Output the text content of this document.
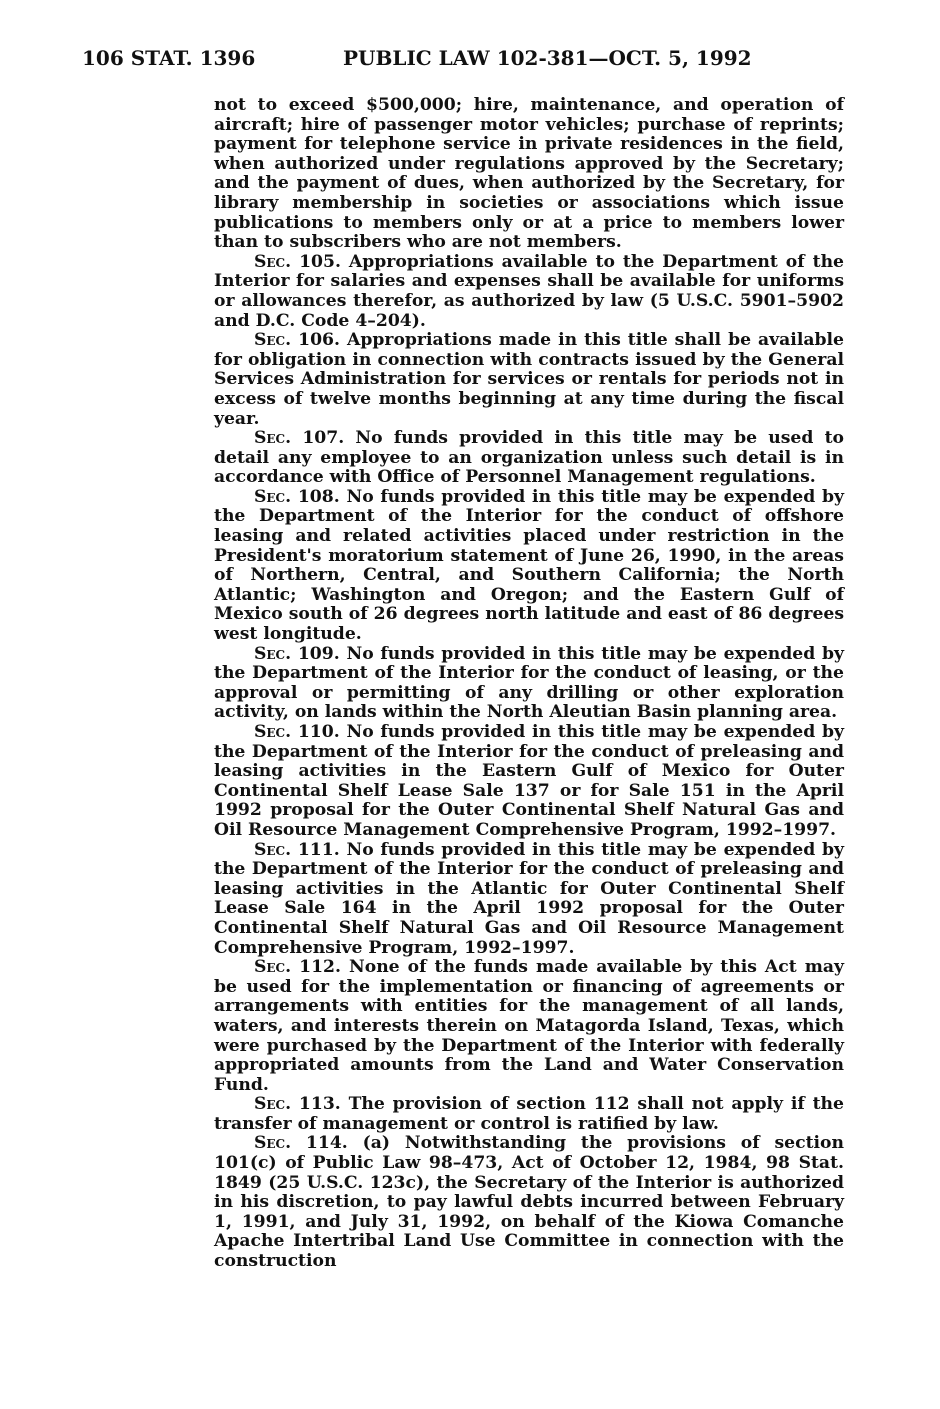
106 STAT. 1396	PUBLIC LAW 102-381—OCT. 5, 1992

not to exceed $500,000; hire, maintenance, and operation of aircraft; hire of passenger motor vehicles; purchase of reprints; payment for telephone service in private residences in the field, when authorized under regulations approved by the Secretary; and the payment of dues, when authorized by the Secretary, for library membership in societies or associations which issue publications to members only or at a price to members lower than to subscribers who are not members.

Sec. 105. Appropriations available to the Department of the Interior for salaries and expenses shall be available for uniforms or allowances therefor, as authorized by law (5 U.S.C. 5901–5902 and D.C. Code 4–204).

Sec. 106. Appropriations made in this title shall be available for obligation in connection with contracts issued by the General Services Administration for services or rentals for periods not in excess of twelve months beginning at any time during the fiscal year.

Sec. 107. No funds provided in this title may be used to detail any employee to an organization unless such detail is in accordance with Office of Personnel Management regulations.

Sec. 108. No funds provided in this title may be expended by the Department of the Interior for the conduct of offshore leasing and related activities placed under restriction in the President's moratorium statement of June 26, 1990, in the areas of Northern, Central, and Southern California; the North Atlantic; Washington and Oregon; and the Eastern Gulf of Mexico south of 26 degrees north latitude and east of 86 degrees west longitude.

Sec. 109. No funds provided in this title may be expended by the Department of the Interior for the conduct of leasing, or the approval or permitting of any drilling or other exploration activity, on lands within the North Aleutian Basin planning area.

Sec. 110. No funds provided in this title may be expended by the Department of the Interior for the conduct of preleasing and leasing activities in the Eastern Gulf of Mexico for Outer Continental Shelf Lease Sale 137 or for Sale 151 in the April 1992 proposal for the Outer Continental Shelf Natural Gas and Oil Resource Management Comprehensive Program, 1992–1997.

Sec. 111. No funds provided in this title may be expended by the Department of the Interior for the conduct of preleasing and leasing activities in the Atlantic for Outer Continental Shelf Lease Sale 164 in the April 1992 proposal for the Outer Continental Shelf Natural Gas and Oil Resource Management Comprehensive Program, 1992–1997.

Sec. 112. None of the funds made available by this Act may be used for the implementation or financing of agreements or arrangements with entities for the management of all lands, waters, and interests therein on Matagorda Island, Texas, which were purchased by the Department of the Interior with federally appropriated amounts from the Land and Water Conservation Fund.

Sec. 113. The provision of section 112 shall not apply if the transfer of management or control is ratified by law.

Sec. 114. (a) Notwithstanding the provisions of section 101(c) of Public Law 98–473, Act of October 12, 1984, 98 Stat. 1849 (25 U.S.C. 123c), the Secretary of the Interior is authorized in his discretion, to pay lawful debts incurred between February 1, 1991, and July 31, 1992, on behalf of the Kiowa Comanche Apache Intertribal Land Use Committee in connection with the construction
